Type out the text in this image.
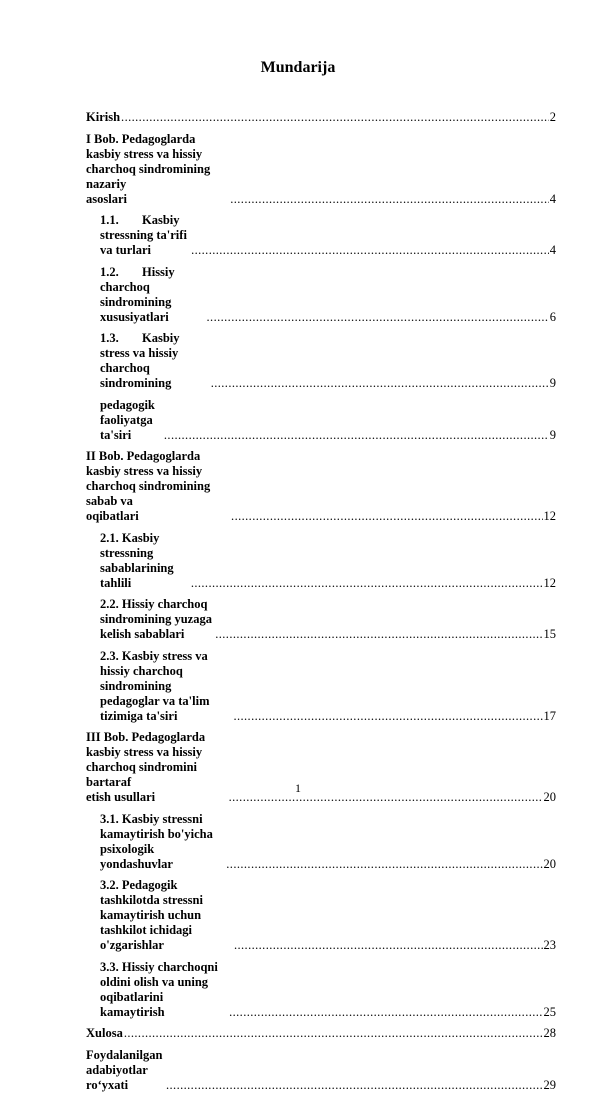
Mundarija
Kirish .....	2
I Bob. Pedagoglarda kasbiy stress va hissiy charchoq sindromining nazariy
asoslari .....	4
1.1. Kasbiy stressning ta'rifi va turlari .....	4
1.2. Hissiy charchoq sindromining xususiyatlari .....	6
1.3. Kasbiy stress va hissiy charchoq sindromining .....	9
pedagogik faoliyatga ta'siri .....	9
II Bob. Pedagoglarda kasbiy stress va hissiy charchoq sindromining sabab va
oqibatlari .....	12
2.1. Kasbiy stressning sabablarining tahlili .....	12
2.2. Hissiy charchoq sindromining yuzaga kelish sabablari .....	15
2.3. Kasbiy stress va hissiy charchoq sindromining pedagoglar va ta'lim
tizimiga ta'siri .....	17
III Bob. Pedagoglarda kasbiy stress va hissiy charchoq sindromini bartaraf
etish usullari .....	20
3.1. Kasbiy stressni kamaytirish bo'yicha psixologik yondashuvlar .....	20
3.2. Pedagogik tashkilotda stressni kamaytirish uchun tashkilot ichidagi
o'zgarishlar .....	23
3.3. Hissiy charchoqni oldini olish va uning oqibatlarini kamaytirish .....	25
Xulosa .....	28
Foydalanilgan adabiyotlar ro‘yxati .....	29
1
